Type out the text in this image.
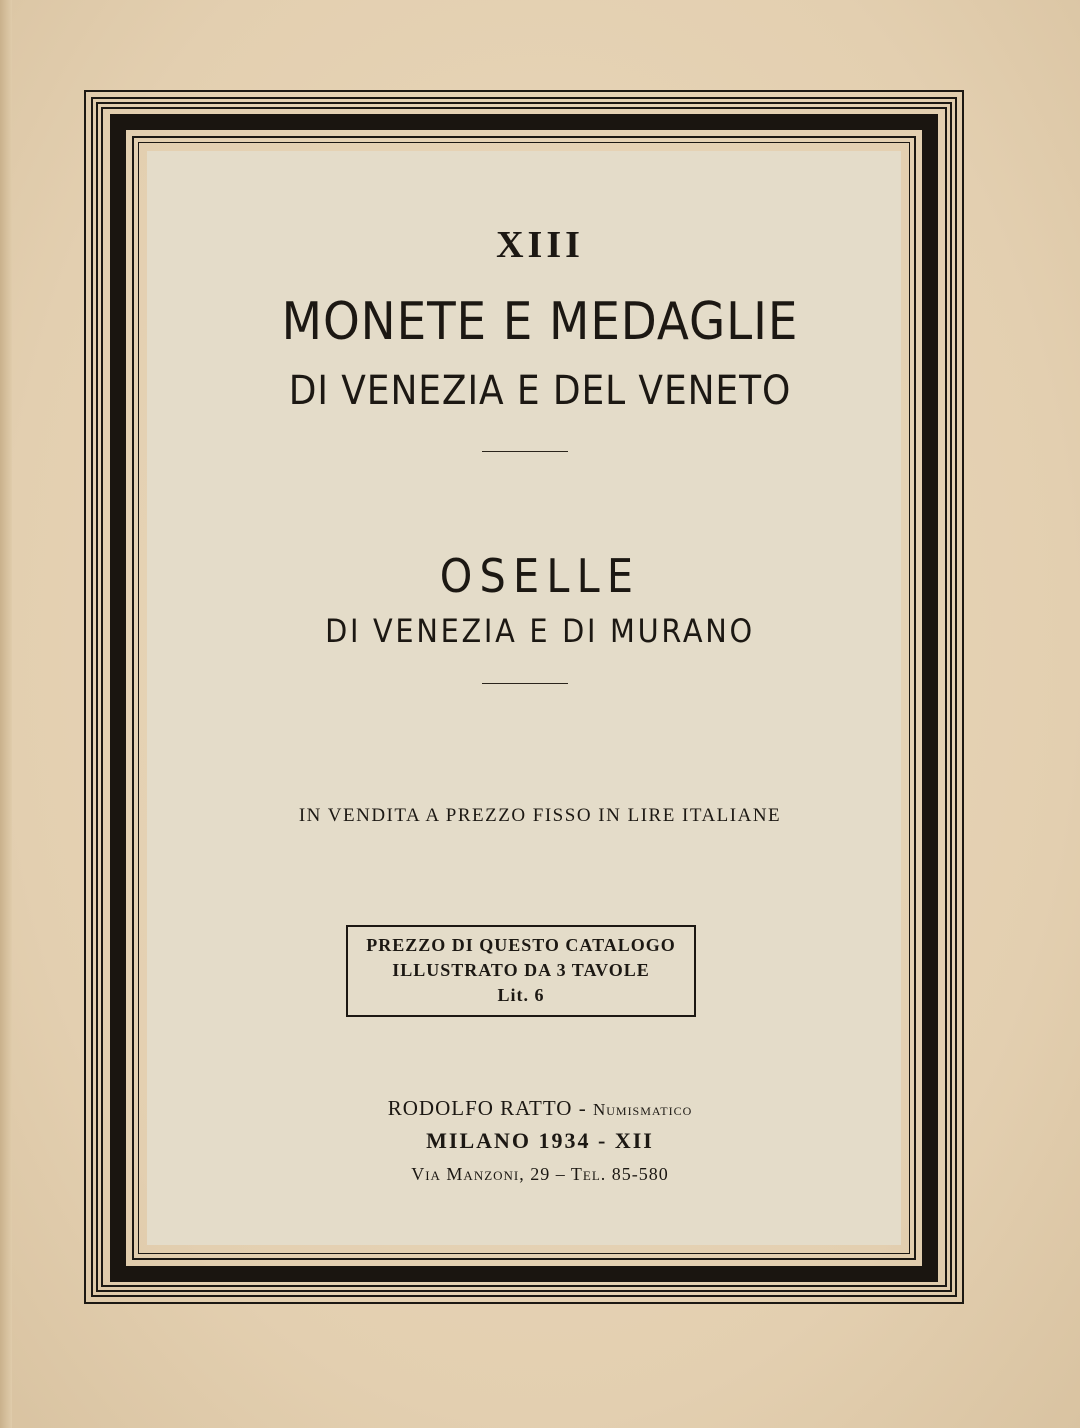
XIII
MONETE E MEDAGLIE
DI VENEZIA E DEL VENETO
OSELLE
DI VENEZIA E DI MURANO
IN VENDITA A PREZZO FISSO IN LIRE ITALIANE
PREZZO DI QUESTO CATALOGO
ILLUSTRATO DA 3 TAVOLE
Lit. 6
RODOLFO RATTO - Numismatico
MILANO 1934 - XII
Via Manzoni, 29 – Tel. 85-580
